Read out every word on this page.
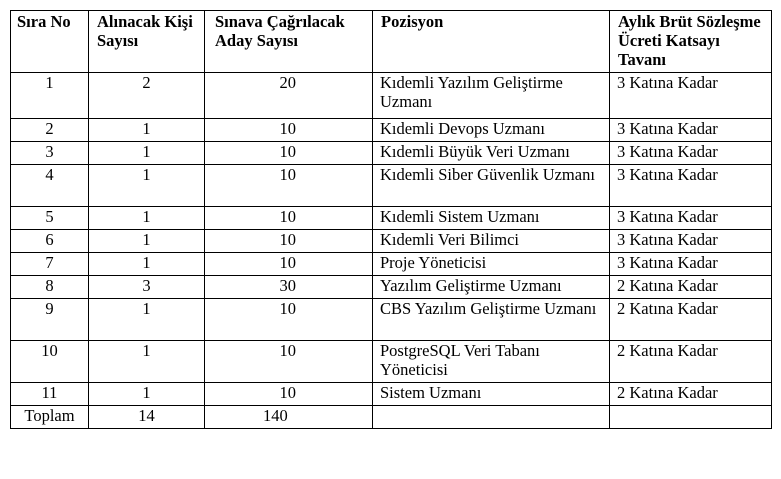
Sıra No	Alınacak Kişi Sayısı	Sınava Çağrılacak Aday Sayısı	Pozisyon	Aylık Brüt Sözleşme Ücreti Katsayı Tavanı
1	2	20	Kıdemli Yazılım Geliştirme Uzmanı	3 Katına Kadar
2	1	10	Kıdemli Devops Uzmanı	3 Katına Kadar
3	1	10	Kıdemli Büyük Veri Uzmanı	3 Katına Kadar
4	1	10	Kıdemli Siber Güvenlik Uzmanı	3 Katına Kadar
5	1	10	Kıdemli Sistem Uzmanı	3 Katına Kadar
6	1	10	Kıdemli Veri Bilimci	3 Katına Kadar
7	1	10	Proje Yöneticisi	3 Katına Kadar
8	3	30	Yazılım Geliştirme Uzmanı	2 Katına Kadar
9	1	10	CBS Yazılım Geliştirme Uzmanı	2 Katına Kadar
10	1	10	PostgreSQL Veri Tabanı Yöneticisi	2 Katına Kadar
11	1	10	Sistem Uzmanı	2 Katına Kadar
Toplam	14	140		
